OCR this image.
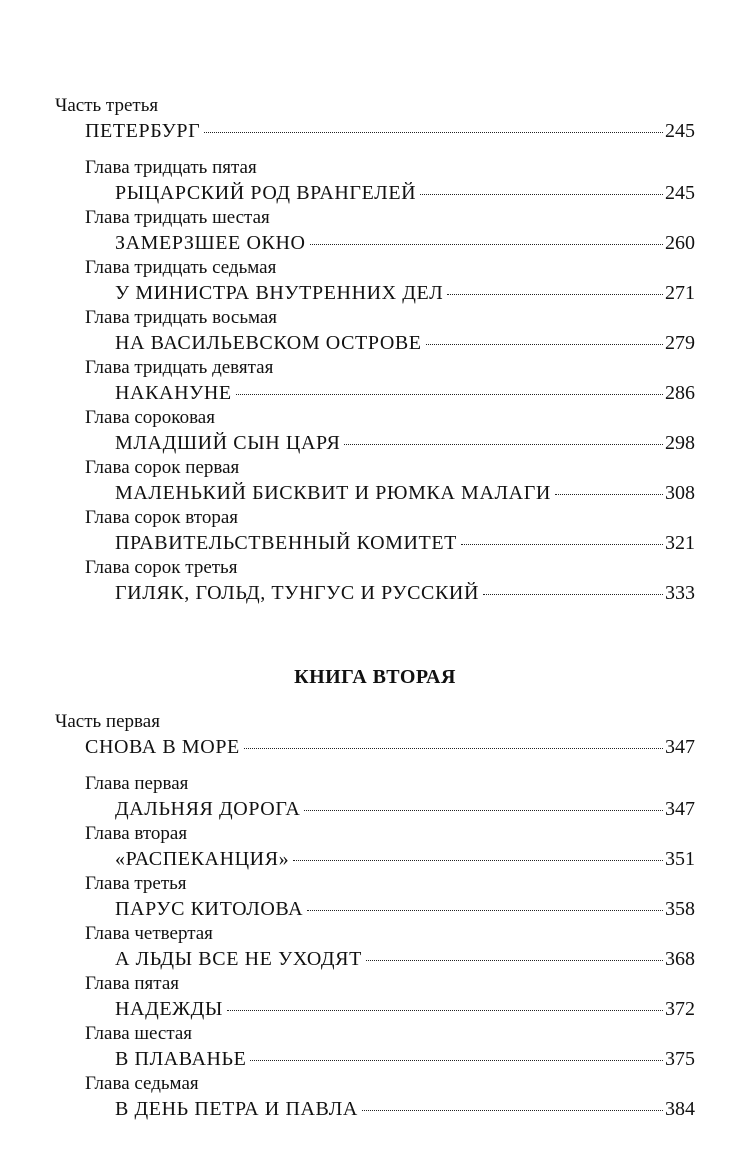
Часть третья
ПЕТЕРБУРГ	245
Глава тридцать пятая
РЫЦАРСКИЙ РОД ВРАНГЕЛЕЙ	245
Глава тридцать шестая
ЗАМЕРЗШЕЕ ОКНО	260
Глава тридцать седьмая
У МИНИСТРА ВНУТРЕННИХ ДЕЛ	271
Глава тридцать восьмая
НА ВАСИЛЬЕВСКОМ ОСТРОВЕ	279
Глава тридцать девятая
НАКАНУНЕ	286
Глава сороковая
МЛАДШИЙ СЫН ЦАРЯ	298
Глава сорок первая
МАЛЕНЬКИЙ БИСКВИТ И РЮМКА МАЛАГИ	308
Глава сорок вторая
ПРАВИТЕЛЬСТВЕННЫЙ КОМИТЕТ	321
Глава сорок третья
ГИЛЯК, ГОЛЬД, ТУНГУС И РУССКИЙ	333
КНИГА ВТОРАЯ
Часть первая
СНОВА В МОРЕ	347
Глава первая
ДАЛЬНЯЯ ДОРОГА	347
Глава вторая
«РАСПЕКАНЦИЯ»	351
Глава третья
ПАРУС КИТОЛОВА	358
Глава четвертая
А ЛЬДЫ ВСЕ НЕ УХОДЯТ	368
Глава пятая
НАДЕЖДЫ	372
Глава шестая
В ПЛАВАНЬЕ	375
Глава седьмая
В ДЕНЬ ПЕТРА И ПАВЛА	384
